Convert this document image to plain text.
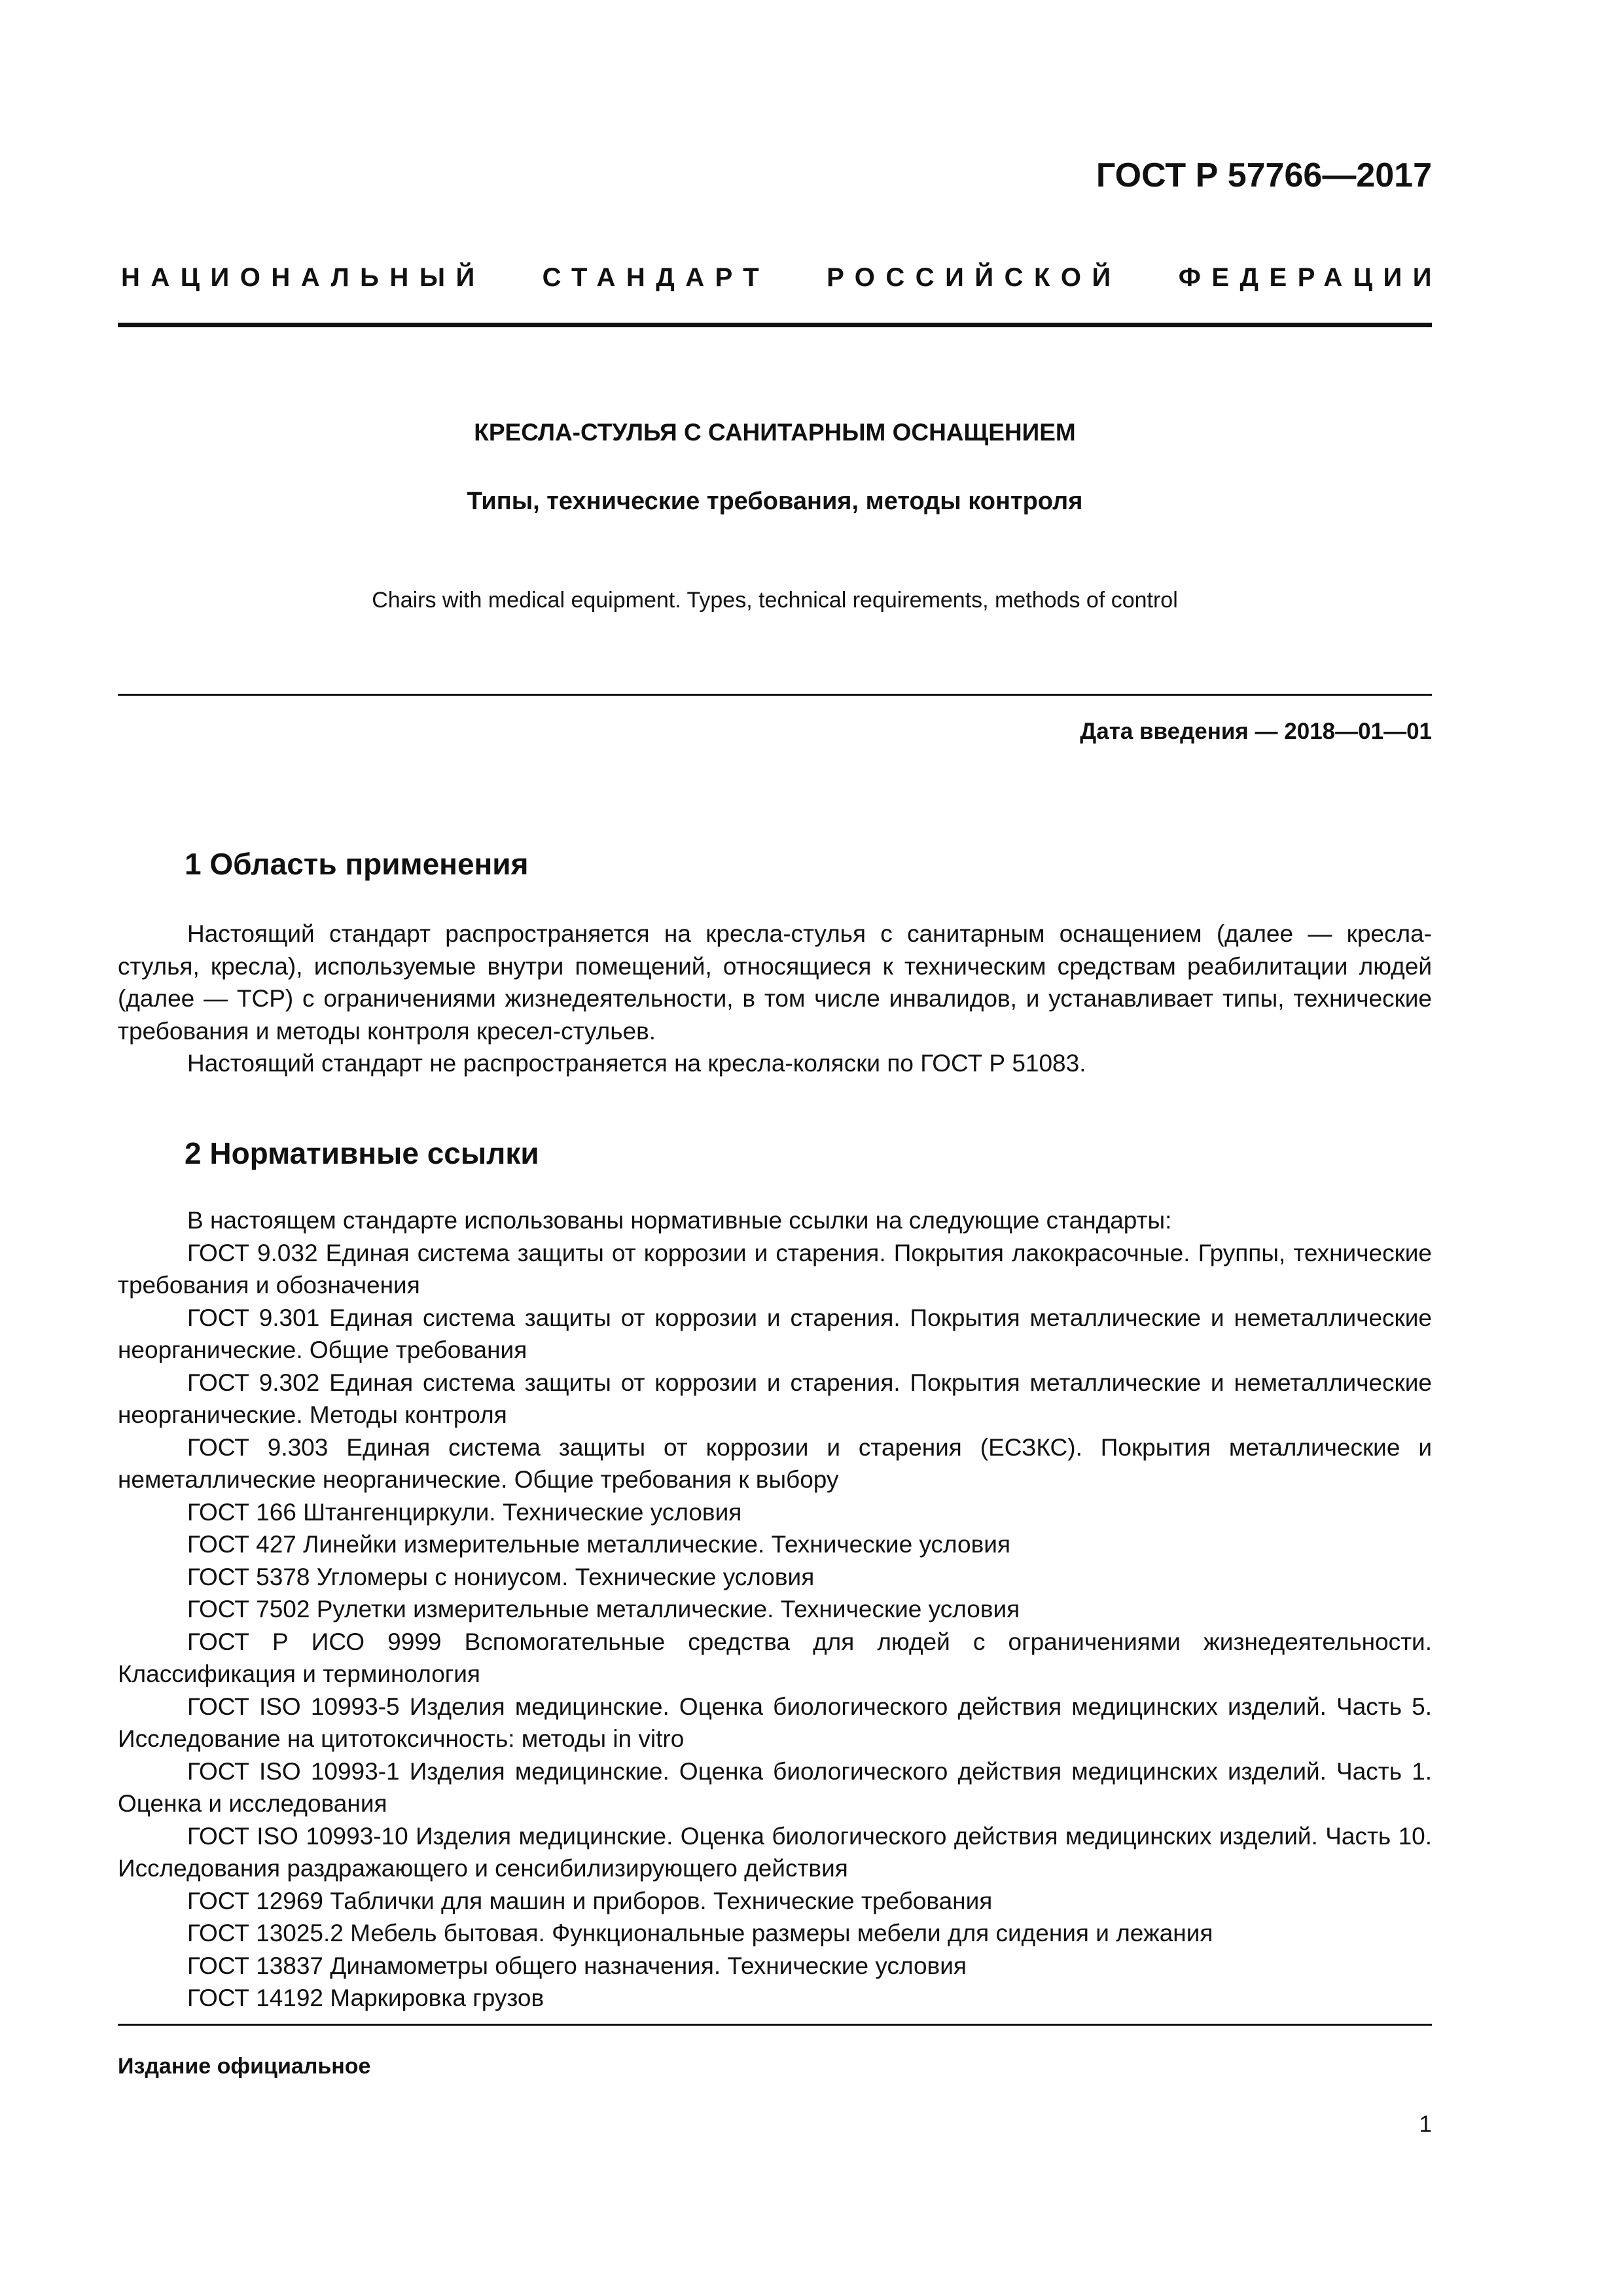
ГОСТ Р 57766—2017
НАЦИОНАЛЬНЫЙ СТАНДАРТ РОССИЙСКОЙ ФЕДЕРАЦИИ
КРЕСЛА-СТУЛЬЯ С САНИТАРНЫМ ОСНАЩЕНИЕМ
Типы, технические требования, методы контроля
Chairs with medical equipment. Types, technical requirements, methods of control
Дата введения — 2018—01—01
1 Область применения

Настоящий стандарт распространяется на кресла-стулья с санитарным оснащением (далее — кресла-стулья, кресла), используемые внутри помещений, относящиеся к техническим средствам реабилитации людей (далее — ТСР) с ограничениями жизнедеятельности, в том числе инвалидов, и устанавливает типы, технические требования и методы контроля кресел-стульев.

Настоящий стандарт не распространяется на кресла-коляски по ГОСТ Р 51083.

2 Нормативные ссылки

В настоящем стандарте использованы нормативные ссылки на следующие стандарты:

ГОСТ 9.032 Единая система защиты от коррозии и старения. Покрытия лакокрасочные. Группы, технические требования и обозначения

ГОСТ 9.301 Единая система защиты от коррозии и старения. Покрытия металлические и неметаллические неорганические. Общие требования

ГОСТ 9.302 Единая система защиты от коррозии и старения. Покрытия металлические и неметаллические неорганические. Методы контроля

ГОСТ 9.303 Единая система защиты от коррозии и старения (ЕСЗКС). Покрытия металлические и неметаллические неорганические. Общие требования к выбору

ГОСТ 166 Штангенциркули. Технические условия

ГОСТ 427 Линейки измерительные металлические. Технические условия

ГОСТ 5378 Угломеры с нониусом. Технические условия

ГОСТ 7502 Рулетки измерительные металлические. Технические условия

ГОСТ Р ИСО 9999 Вспомогательные средства для людей с ограничениями жизнедеятельности. Классификация и терминология

ГОСТ ISO 10993-5 Изделия медицинские. Оценка биологического действия медицинских изделий. Часть 5. Исследование на цитотоксичность: методы in vitro

ГОСТ ISO 10993-1 Изделия медицинские. Оценка биологического действия медицинских изделий. Часть 1. Оценка и исследования

ГОСТ ISO 10993-10 Изделия медицинские. Оценка биологического действия медицинских изделий. Часть 10. Исследования раздражающего и сенсибилизирующего действия

ГОСТ 12969 Таблички для машин и приборов. Технические требования

ГОСТ 13025.2 Мебель бытовая. Функциональные размеры мебели для сидения и лежания

ГОСТ 13837 Динамометры общего назначения. Технические условия

ГОСТ 14192 Маркировка грузов

Издание официальное
1
